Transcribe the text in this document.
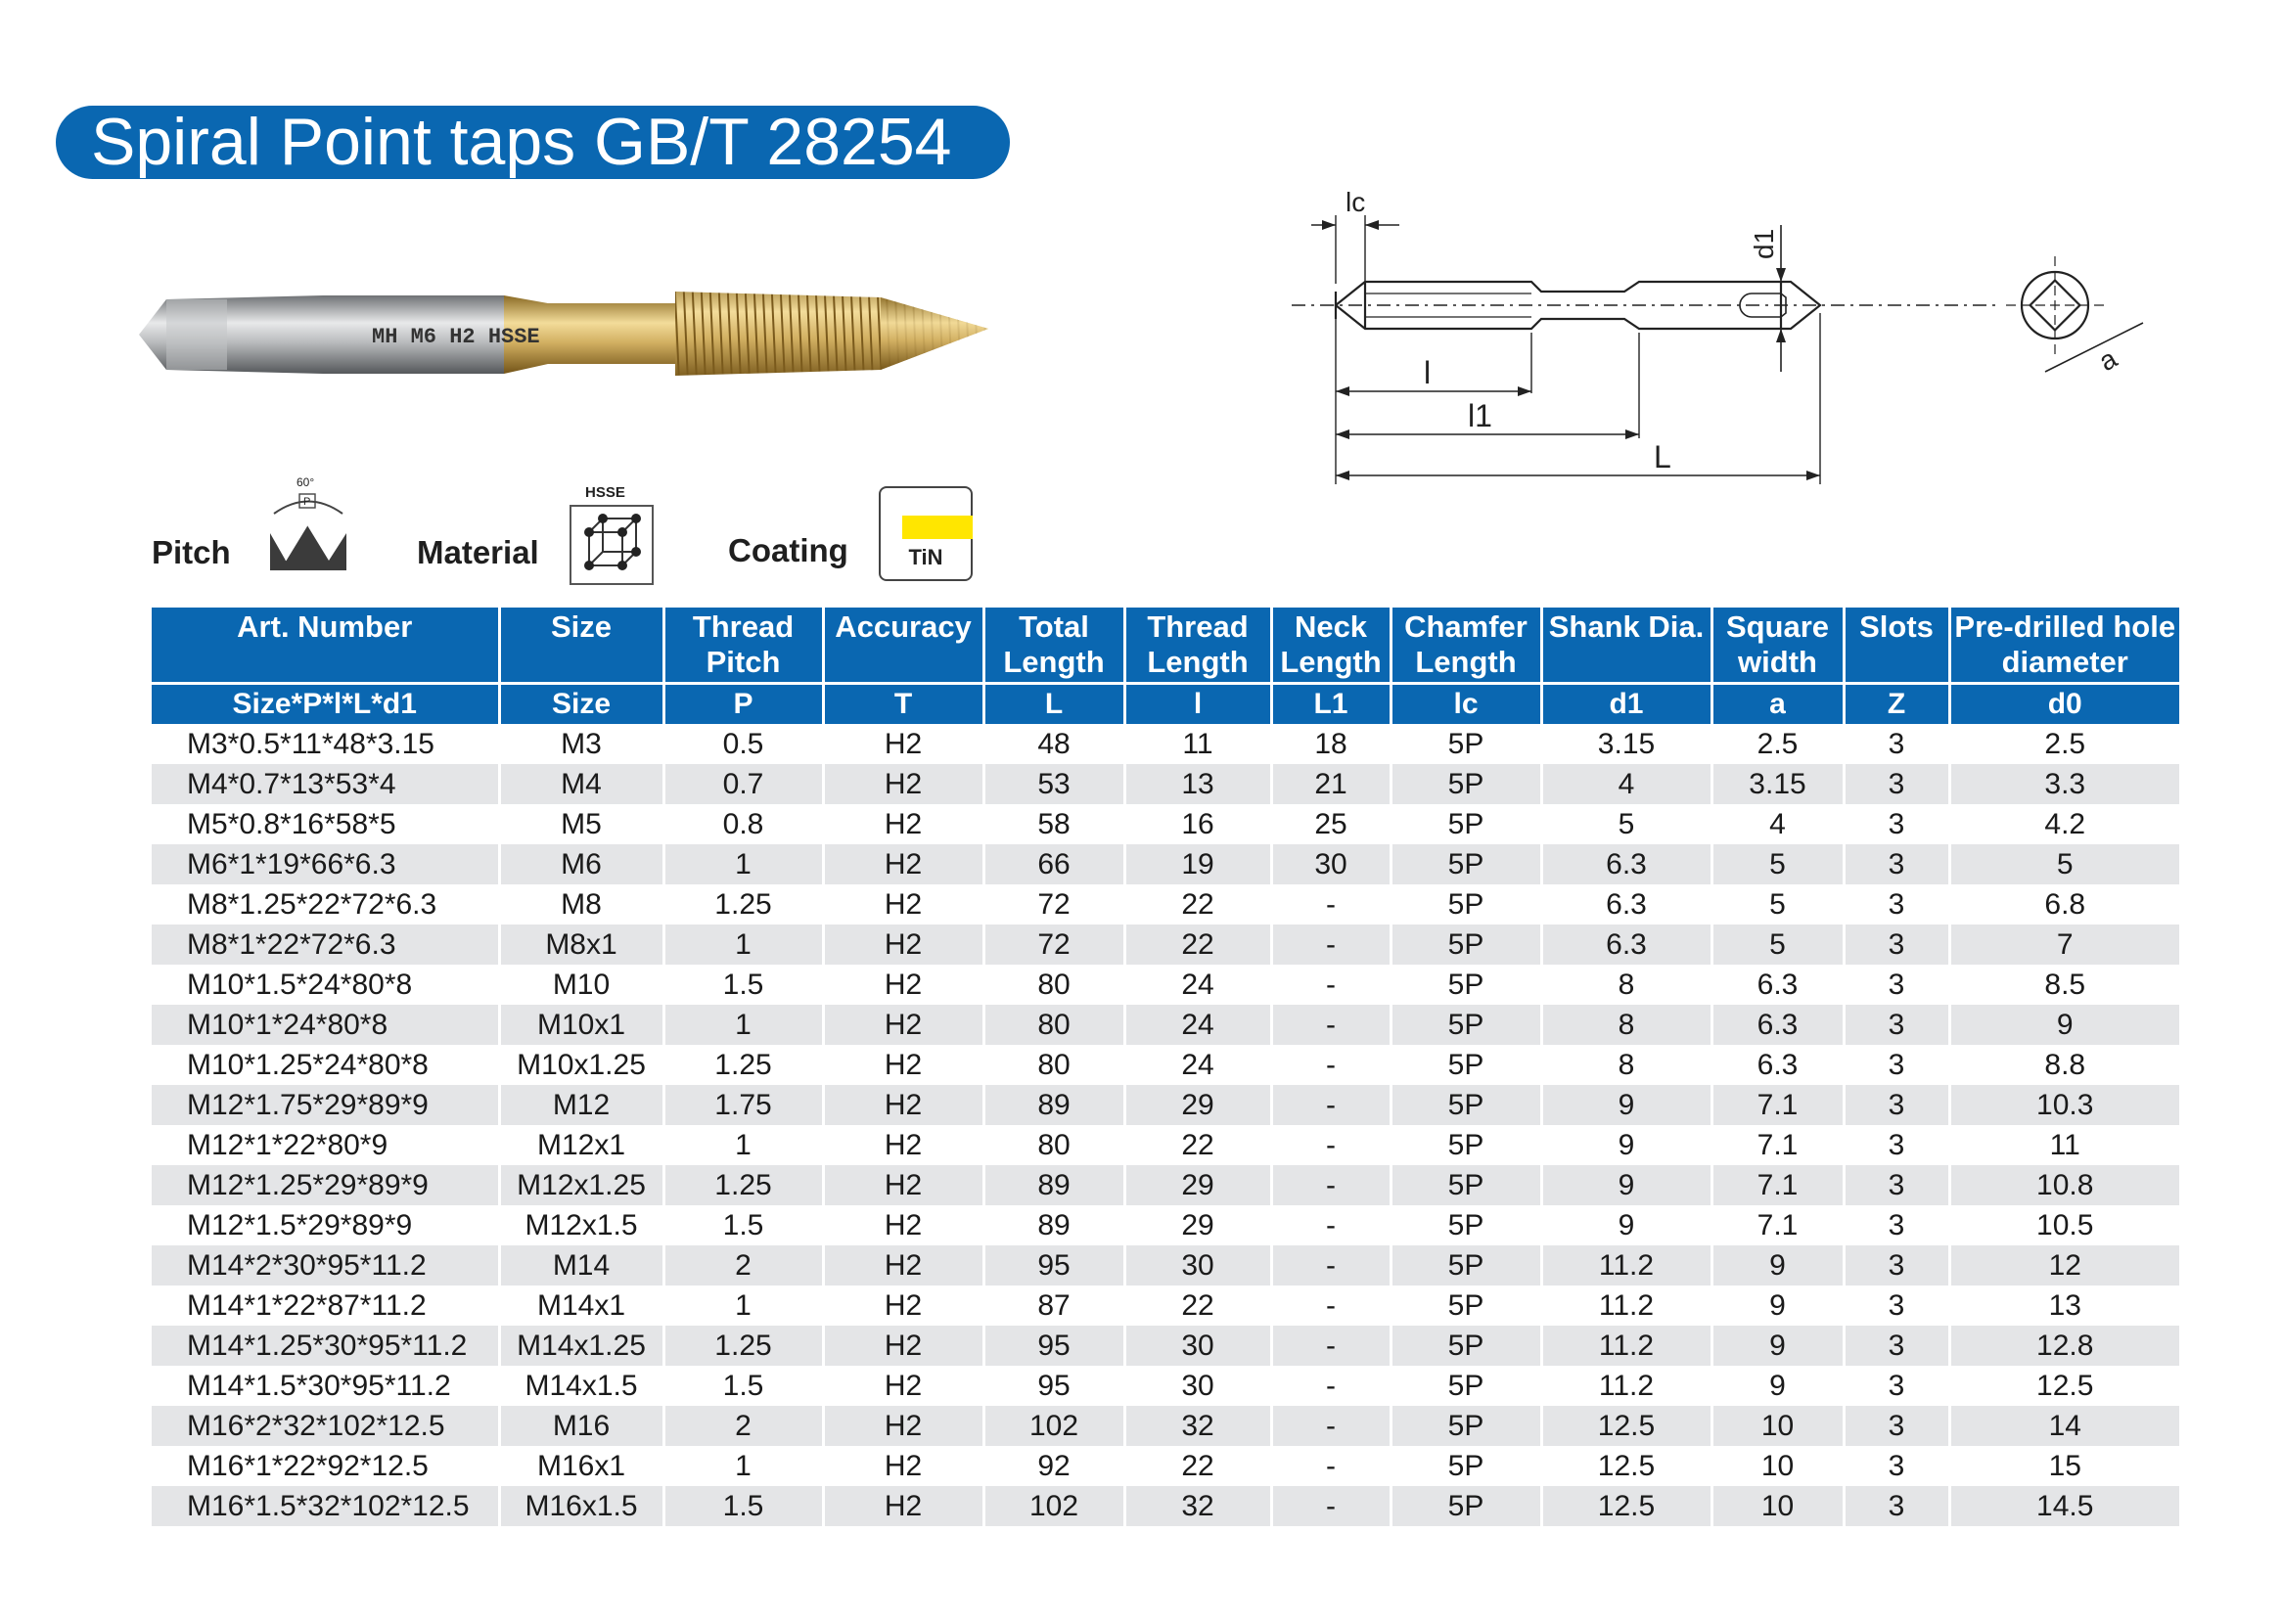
Spiral Point taps GB/T 28254
MH M6 H2 HSSE
lc
l
l1
L
d1
a
Pitch
60°
P
Material
HSSE
Coating	TiN
Art. Number	Size	Thread Pitch	Accuracy	Total Length	Thread Length	Neck Length	Chamfer Length	Shank Dia.	Square width	Slots	Pre-drilled hole diameter
Size*P*l*L*d1	Size	P	T	L	l	L1	lc	d1	a	Z	d0
M3*0.5*11*48*3.15	M3	0.5	H2	48	11	18	5P	3.15	2.5	3	2.5
M4*0.7*13*53*4	M4	0.7	H2	53	13	21	5P	4	3.15	3	3.3
M5*0.8*16*58*5	M5	0.8	H2	58	16	25	5P	5	4	3	4.2
M6*1*19*66*6.3	M6	1	H2	66	19	30	5P	6.3	5	3	5
M8*1.25*22*72*6.3	M8	1.25	H2	72	22	-	5P	6.3	5	3	6.8
M8*1*22*72*6.3	M8x1	1	H2	72	22	-	5P	6.3	5	3	7
M10*1.5*24*80*8	M10	1.5	H2	80	24	-	5P	8	6.3	3	8.5
M10*1*24*80*8	M10x1	1	H2	80	24	-	5P	8	6.3	3	9
M10*1.25*24*80*8	M10x1.25	1.25	H2	80	24	-	5P	8	6.3	3	8.8
M12*1.75*29*89*9	M12	1.75	H2	89	29	-	5P	9	7.1	3	10.3
M12*1*22*80*9	M12x1	1	H2	80	22	-	5P	9	7.1	3	11
M12*1.25*29*89*9	M12x1.25	1.25	H2	89	29	-	5P	9	7.1	3	10.8
M12*1.5*29*89*9	M12x1.5	1.5	H2	89	29	-	5P	9	7.1	3	10.5
M14*2*30*95*11.2	M14	2	H2	95	30	-	5P	11.2	9	3	12
M14*1*22*87*11.2	M14x1	1	H2	87	22	-	5P	11.2	9	3	13
M14*1.25*30*95*11.2	M14x1.25	1.25	H2	95	30	-	5P	11.2	9	3	12.8
M14*1.5*30*95*11.2	M14x1.5	1.5	H2	95	30	-	5P	11.2	9	3	12.5
M16*2*32*102*12.5	M16	2	H2	102	32	-	5P	12.5	10	3	14
M16*1*22*92*12.5	M16x1	1	H2	92	22	-	5P	12.5	10	3	15
M16*1.5*32*102*12.5	M16x1.5	1.5	H2	102	32	-	5P	12.5	10	3	14.5
